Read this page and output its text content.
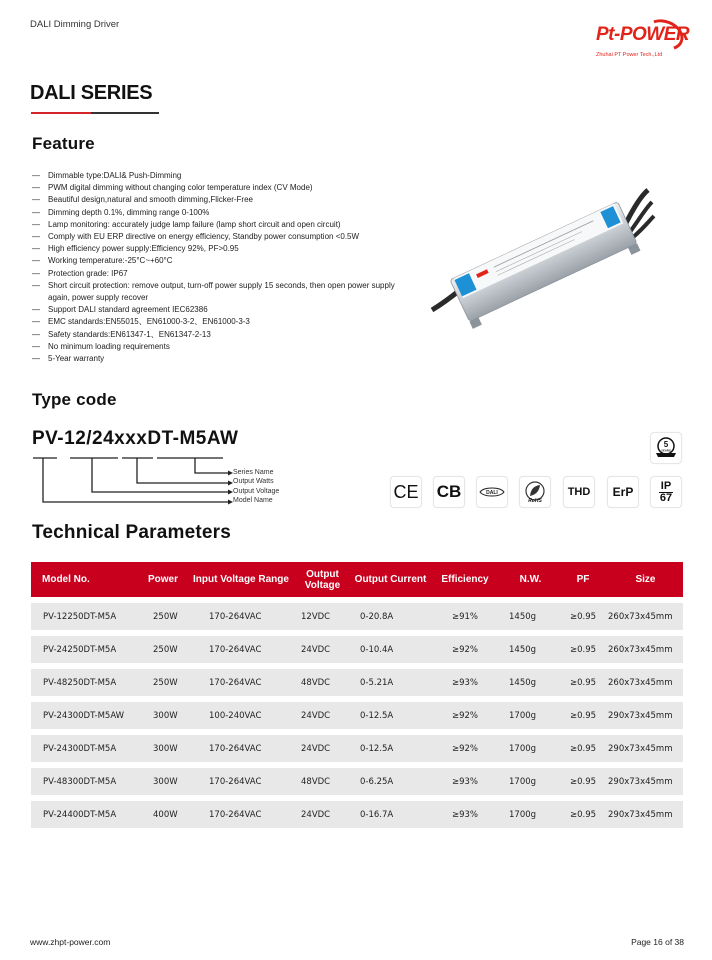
DALI Dimming Driver	Pt-POWER
Zhuhai PT Power Tech.,Ltd
DALI SERIES
Feature
— Dimmable type:DALI& Push-Dimming
— PWM digital dimming without changing color temperature index (CV Mode)
— Beautiful design,natural and smooth dimming,Flicker-Free
— Dimming depth 0.1%, dimming range 0-100%
— Lamp monitoring: accurately judge lamp failure (lamp short circuit and open circuit)
— Comply with EU ERP directive on energy efficiency, Standby power consumption <0.5W
— High efficiency power supply:Efficiency 92%, PF>0.95
— Working temperature:-25°C~+60°C
— Protection grade: IP67
— Short circuit protection: remove output, turn-off power supply 15 seconds, then open power supply again, power supply recover
— Support DALI standard agreement IEC62386
— EMC standards:EN55015、EN61000-3-2、EN61000-3-3
— Safety standards:EN61347-1、EN61347-2-13
— No minimum loading requirements
— 5-Year warranty
Type code
PV-12/24xxxDT-M5AW
Series Name
Output Watts
Output Voltage
Model Name
5
YEARS
CE CB	DALI
RoHS
THD ErP IP
67
Technical Parameters
Model No.	Power	Input Voltage Range	Output Voltage	Output Current	Efficiency	N.W.	PF	Size
PV-12250DT-M5A	250W	170-264VAC	12VDC	0-20.8A	≥91%	1450g	≥0.95	260x73x45mm
PV-24250DT-M5A	250W	170-264VAC	24VDC	0-10.4A	≥92%	1450g	≥0.95	260x73x45mm
PV-48250DT-M5A	250W	170-264VAC	48VDC	0-5.21A	≥93%	1450g	≥0.95	260x73x45mm
PV-24300DT-M5AW	300W	100-240VAC	24VDC	0-12.5A	≥92%	1700g	≥0.95	290x73x45mm
PV-24300DT-M5A	300W	170-264VAC	24VDC	0-12.5A	≥92%	1700g	≥0.95	290x73x45mm
PV-48300DT-M5A	300W	170-264VAC	48VDC	0-6.25A	≥93%	1700g	≥0.95	290x73x45mm
PV-24400DT-M5A	400W	170-264VAC	24VDC	0-16.7A	≥93%	1700g	≥0.95	290x73x45mm
www.zhpt-power.com	Page 16 of 38
